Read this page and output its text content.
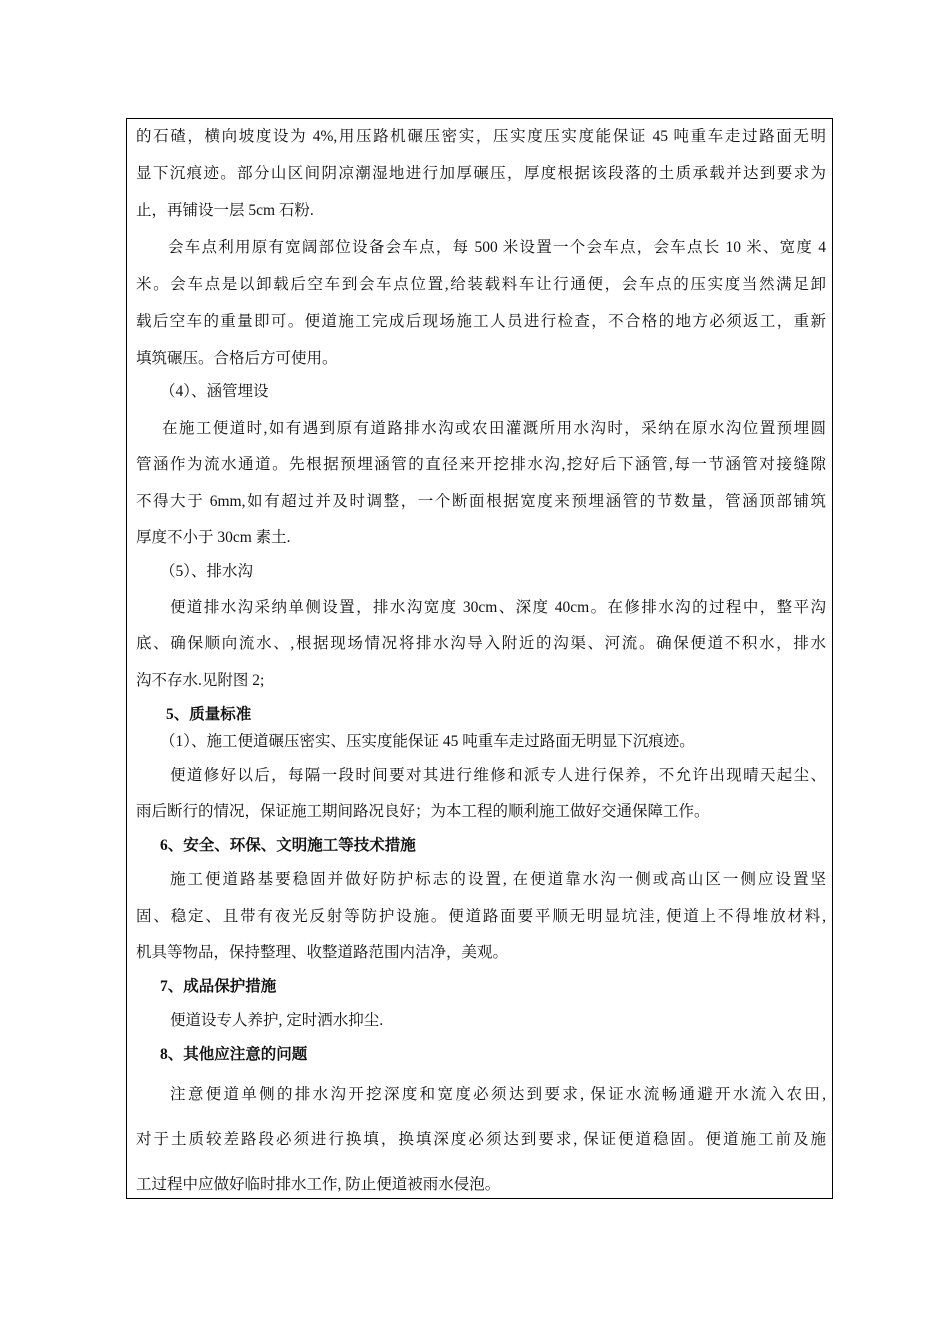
的石碴，横向坡度设为 4%,用压路机碾压密实，压实度压实度能保证 45 吨重车走过路面无明
显下沉痕迹。部分山区间阴凉潮湿地进行加厚碾压，厚度根据该段落的土质承载并达到要求为
止，再铺设一层 5cm 石粉.
会车点利用原有宽阔部位设备会车点，每 500 米设置一个会车点，会车点长 10 米、宽度 4
米。会车点是以卸载后空车到会车点位置,给装载料车让行通便，会车点的压实度当然满足卸
载后空车的重量即可。便道施工完成后现场施工人员进行检查，不合格的地方必须返工，重新
填筑碾压。合格后方可使用。
（4）、涵管埋设
在施工便道时,如有遇到原有道路排水沟或农田灌溉所用水沟时，采纳在原水沟位置预埋圆
管涵作为流水通道。先根据预埋涵管的直径来开挖排水沟,挖好后下涵管,每一节涵管对接缝隙
不得大于 6mm,如有超过并及时调整，一个断面根据宽度来预埋涵管的节数量，管涵顶部铺筑
厚度不小于 30cm 素土.
（5）、排水沟
便道排水沟采纳单侧设置，排水沟宽度 30cm、深度 40cm。在修排水沟的过程中，整平沟
底、确保顺向流水、,根据现场情况将排水沟导入附近的沟渠、河流。确保便道不积水，排水
沟不存水.见附图 2;
5、质量标准
（1）、施工便道碾压密实、压实度能保证 45 吨重车走过路面无明显下沉痕迹。
便道修好以后，每隔一段时间要对其进行维修和派专人进行保养，不允许出现晴天起尘、
雨后断行的情况，保证施工期间路况良好；为本工程的顺利施工做好交通保障工作。
6、安全、环保、文明施工等技术措施
施工便道路基要稳固并做好防护标志的设置, 在便道靠水沟一侧或高山区一侧应设置坚
固、稳定、且带有夜光反射等防护设施。便道路面要平顺无明显坑洼, 便道上不得堆放材料,
机具等物品，保持整理、收整道路范围内洁净，美观。
7、成品保护措施
便道设专人养护, 定时洒水抑尘.
8、其他应注意的问题
注意便道单侧的排水沟开挖深度和宽度必须达到要求, 保证水流畅通避开水流入农田,
对于土质较差路段必须进行换填，换填深度必须达到要求, 保证便道稳固。便道施工前及施
工过程中应做好临时排水工作, 防止便道被雨水侵泡。
